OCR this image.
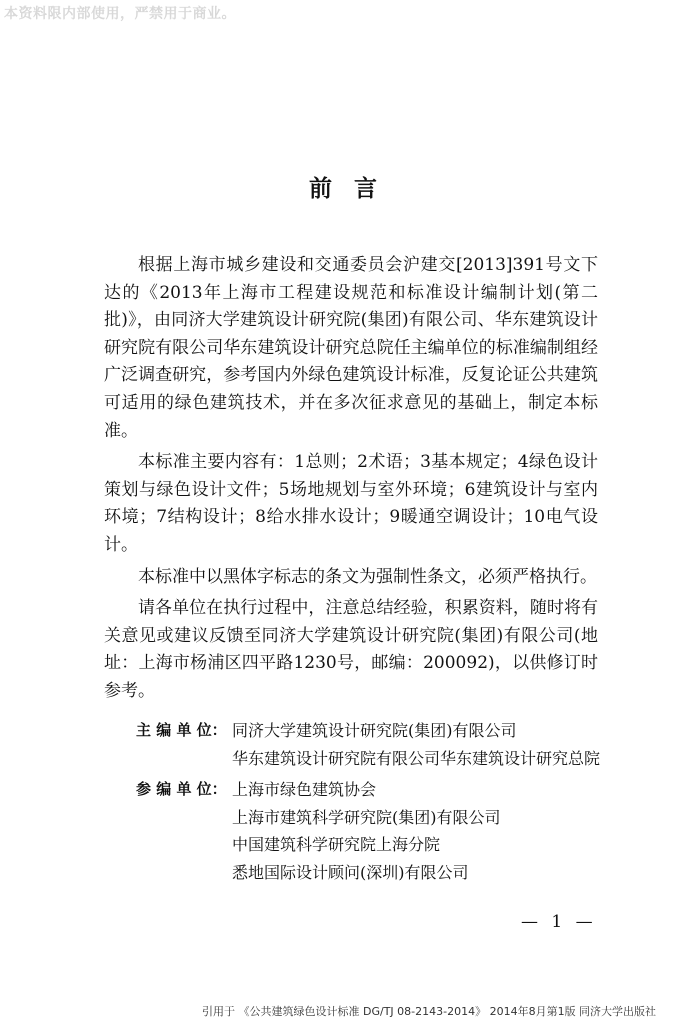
本资料限内部使用，严禁用于商业。
前言

根据上海市城乡建设和交通委员会沪建交[2013]391号文下达的《2013年上海市工程建设规范和标准设计编制计划(第二批)》，由同济大学建筑设计研究院(集团)有限公司、华东建筑设计研究院有限公司华东建筑设计研究总院任主编单位的标准编制组经广泛调查研究，参考国内外绿色建筑设计标准，反复论证公共建筑可适用的绿色建筑技术，并在多次征求意见的基础上，制定本标准。

本标准主要内容有：1总则；2术语；3基本规定；4绿色设计策划与绿色设计文件；5场地规划与室外环境；6建筑设计与室内环境；7结构设计；8给水排水设计；9暖通空调设计；10电气设计。

本标准中以黑体字标志的条文为强制性条文，必须严格执行。

请各单位在执行过程中，注意总结经验，积累资料，随时将有关意见或建议反馈至同济大学建筑设计研究院(集团)有限公司(地址：上海市杨浦区四平路1230号，邮编：200092)，以供修订时参考。

主 编 单 位： 同济大学建筑设计研究院(集团)有限公司
华东建筑设计研究院有限公司华东建筑设计研究总院
参 编 单 位： 上海市绿色建筑协会
上海市建筑科学研究院(集团)有限公司
中国建筑科学研究院上海分院
悉地国际设计顾问(深圳)有限公司
— 1 —
引用于 《公共建筑绿色设计标准 DG/TJ 08-2143-2014》 2014年8月第1版 同济大学出版社
